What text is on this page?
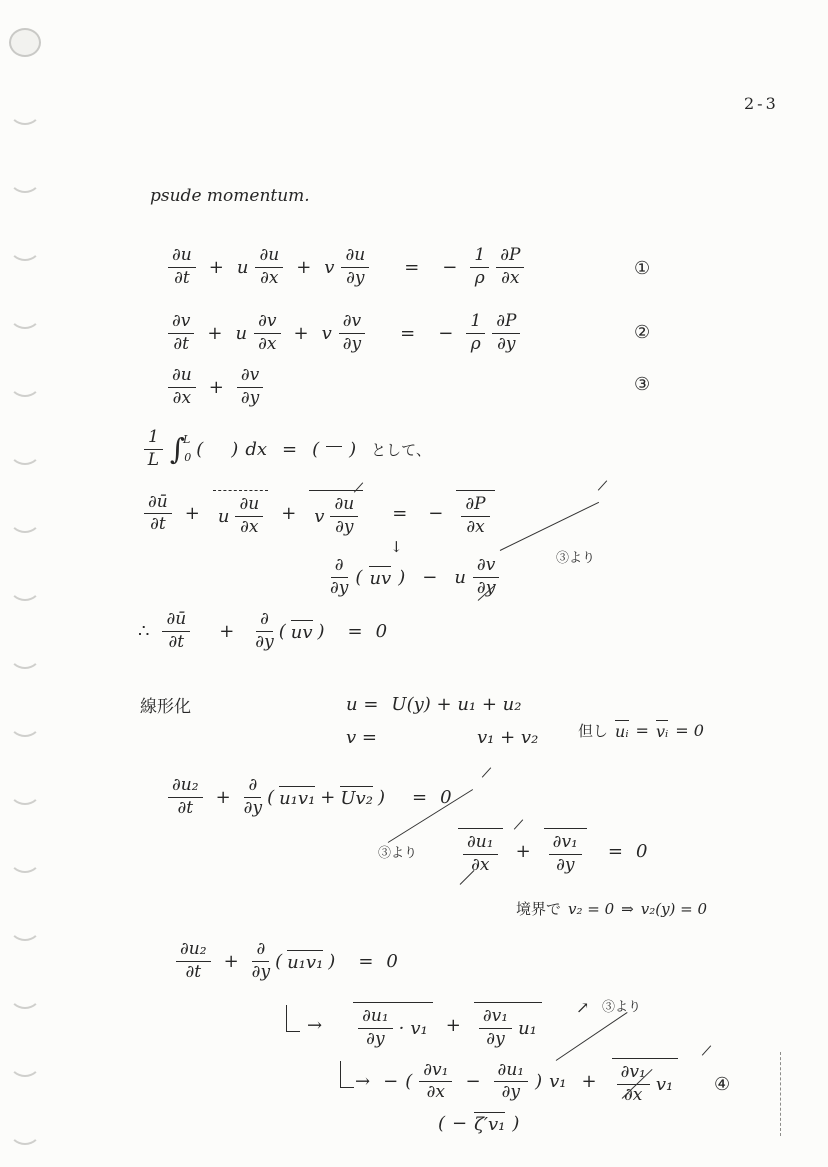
2-3
psude momentum.
$\frac{\partial u}{\partial t} + u \frac{\partial u}{\partial x} + v \frac{\partial u}{\partial y}$ = − $\frac{1}{\rho} \frac{\partial P}{\partial x}$	①
$\frac{\partial v}{\partial t} + u \frac{\partial v}{\partial x} + v \frac{\partial v}{\partial y}$ = − $\frac{1}{\rho} \frac{\partial P}{\partial y}$	②
$\frac{\partial u}{\partial x} + \frac{\partial v}{\partial y}$	③
$\frac{1}{L}$ ∫
L
0 ( ) dx = ( ) として、
$\frac{\partial ū}{\partial t} + u \frac{\partial u}{\partial x} + v \frac{\partial u}{\partial y}$ = − $\frac{\partial P}{\partial x}$
↓
$\frac{\partial}{\partial y}$ ( uv ) − u $\frac{\partial v}{\partial y}$	③より
∴ $\frac{\partial ū}{\partial t} + \frac{\partial}{\partial y}$ ( uv ) = 0
線形化	u = U(y) + u₁ + u₂
v =	v₁ + v₂	但し uᵢ = vᵢ = 0
$\frac{\text{∂u₂}}{\partial t} + \frac{\partial}{\partial y}$ ( u₁v₁ + Uv₂ ) = 0
③より	$\frac{\text{∂u₁}}{\partial x} + \frac{\text{∂v₁}}{\partial y} = 0$
境界で v₂ = 0 ⇒ v₂(y) = 0
$\frac{\text{∂u₂}}{\partial t} + \frac{\partial}{\partial y}$ ( u₁v₁ ) = 0
→ $\frac{\text{∂u₁}}{\partial y} \cdot v_1 + \frac{\text{∂v₁}}{\partial y} u_1$
↗ ③より
→ − ( $\frac{\text{∂v₁}}{\partial x} - \frac{\text{∂u₁}}{\partial y}$ ) $v_1 + \frac{\text{∂v₁}}{\partial x} v_1$ ④
( − ζ′v₁ )
